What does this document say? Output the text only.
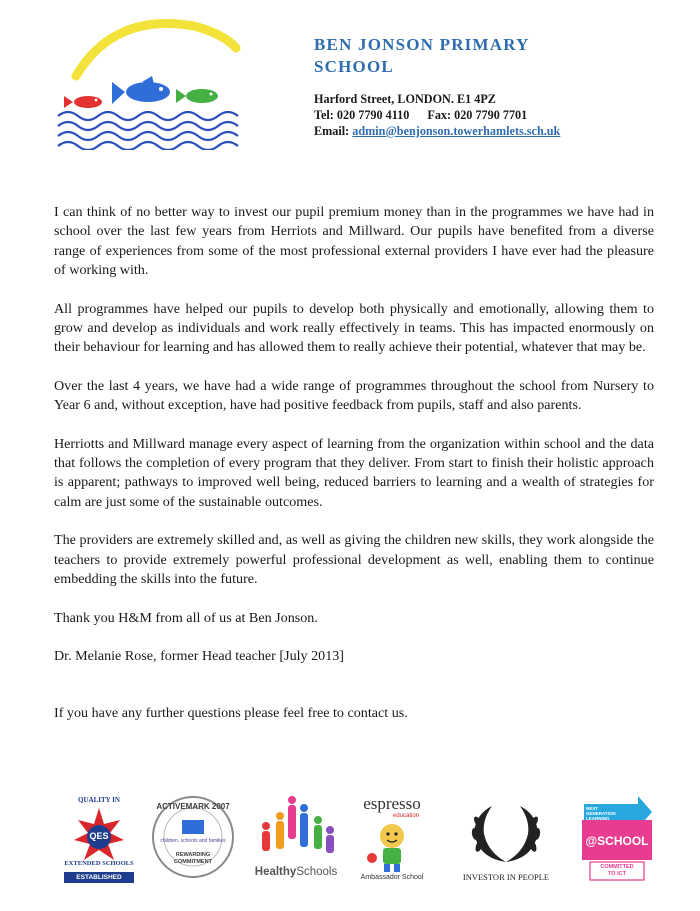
BEN JONSON PRIMARY
SCHOOL
Harford Street, LONDON. E1 4PZ
Tel: 020 7790 4110 Fax: 020 7790 7701
Email: admin@benjonson.towerhamlets.sch.uk

I can think of no better way to invest our pupil premium money than in the programmes we have had in school over the last few years from Herriots and Millward. Our pupils have benefited from a diverse range of experiences from some of the most professional external providers I have ever had the pleasure of working with.

All programmes have helped our pupils to develop both physically and emotionally, allowing them to grow and develop as individuals and work really effectively in teams. This has impacted enormously on their behaviour for learning and has allowed them to really achieve their potential, whatever that may be.

Over the last 4 years, we have had a wide range of programmes throughout the school from Nursery to Year 6 and, without exception, have had positive feedback from pupils, staff and also parents.

Herriotts and Millward manage every aspect of learning from the organization within school and the data that follows the completion of every program that they deliver. From start to finish their holistic approach is apparent; pathways to improved well being, reduced barriers to learning and a wealth of strategies for calm are just some of the sustainable outcomes.

The providers are extremely skilled and, as well as giving the children new skills, they work alongside the teachers to provide extremely powerful professional development as well, enabling them to continue embedding the skills into the future.

Thank you H&M from all of us at Ben Jonson.

Dr. Melanie Rose, former Head teacher [July 2013]

If you have any further questions please feel free to contact us.

QUALITY IN
QES
EXTENDED SCHOOLS
ESTABLISHED
ACTIVEMARK 2007
children, schools and families
REWARDING
COMMITMENT
HealthySchools
espresso
education
Ambassador School	INVESTOR IN PEOPLE
NEXT
GENERATION
LEARNING
@SCHOOL
COMMITTED
TO ICT
